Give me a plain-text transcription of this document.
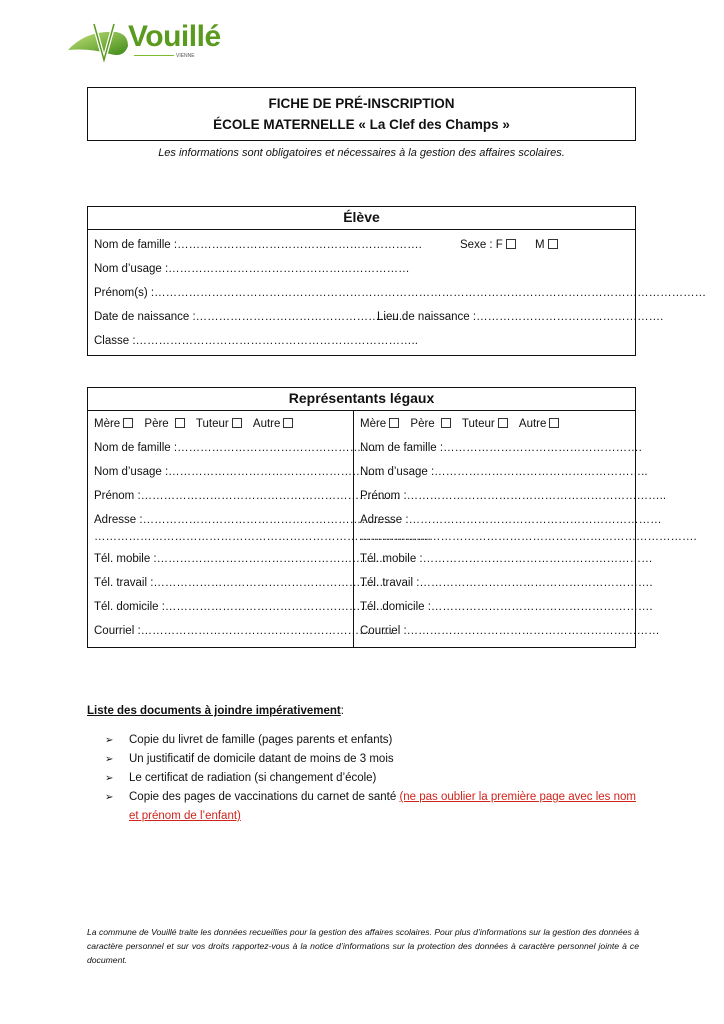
Vouillé
VIENNE
FICHE DE PRÉ-INSCRIPTION
ÉCOLE MATERNELLE « La Clef des Champs »
Les informations sont obligatoires et nécessaires à la gestion des affaires scolaires.
Élève
Nom de famille :……………………………………………………….	Sexe : F	M
Nom d’usage :………………………………………………………
Prénom(s) :………………………………………………………………………………………………………………………………
Date de naissance :……………………………………………….
Lieu de naissance :………………………………………….
Classe :………………………………………………………………..
Représentants légaux
Mère Père Tuteur Autre
Nom de famille :…………………………………………….
Nom d’usage :………………………………………………..
Prénom :…………………………………………………………..
Adresse :…………………………………………………………
…………………………………………………………………………….
Tél. mobile :……………………………………………………
Tél. travail :…………………………………………………….
Tél. domicile :………………………………………………….
Courriel :…………………………………………………………
Mère Père Tuteur Autre
Nom de famille :…………………………………………….
Nom d’usage :………………………………………………..
Prénom :…………………………………………………………..
Adresse :…………………………………………………………
…………………………………………………………………………….
Tél. mobile :……………………………………………………
Tél. travail :…………………………………………………….
Tél. domicile :………………………………………………….
Courriel :…………………………………………………………
Liste des documents à joindre impérativement:
➢ Copie du livret de famille (pages parents et enfants)
➢ Un justificatif de domicile datant de moins de 3 mois
➢ Le certificat de radiation (si changement d’école)
➢ Copie des pages de vaccinations du carnet de santé (ne pas oublier la première page avec les nom et prénom de l’enfant)
La commune de Vouillé traite les données recueillies pour la gestion des affaires scolaires. Pour plus d’informations sur la gestion des données à caractère personnel et sur vos droits rapportez-vous à la notice d’informations sur la protection des données à caractère personnel jointe à ce document.
